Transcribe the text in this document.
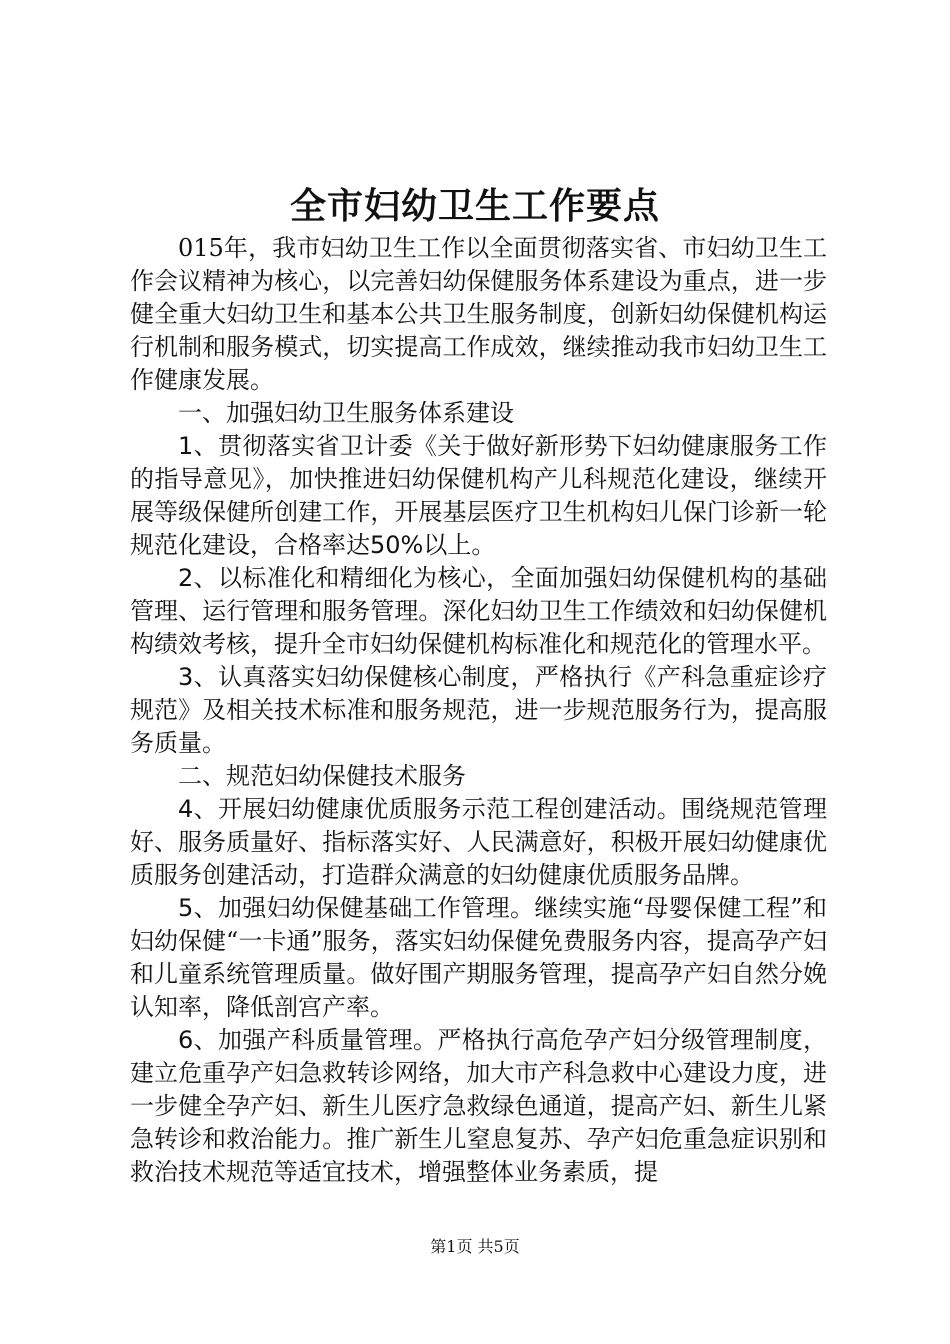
全市妇幼卫生工作要点

015年，我市妇幼卫生工作以全面贯彻落实省、市妇幼卫生工作会议精神为核心，以完善妇幼保健服务体系建设为重点，进一步健全重大妇幼卫生和基本公共卫生服务制度，创新妇幼保健机构运行机制和服务模式，切实提高工作成效，继续推动我市妇幼卫生工作健康发展。

一、加强妇幼卫生服务体系建设

1、贯彻落实省卫计委《关于做好新形势下妇幼健康服务工作的指导意见》，加快推进妇幼保健机构产儿科规范化建设，继续开展等级保健所创建工作，开展基层医疗卫生机构妇儿保门诊新一轮规范化建设，合格率达50%以上。

2、以标准化和精细化为核心，全面加强妇幼保健机构的基础管理、运行管理和服务管理。深化妇幼卫生工作绩效和妇幼保健机构绩效考核，提升全市妇幼保健机构标准化和规范化的管理水平。

3、认真落实妇幼保健核心制度，严格执行《产科急重症诊疗规范》及相关技术标准和服务规范，进一步规范服务行为，提高服务质量。

二、规范妇幼保健技术服务

4、开展妇幼健康优质服务示范工程创建活动。围绕规范管理好、服务质量好、指标落实好、人民满意好，积极开展妇幼健康优质服务创建活动，打造群众满意的妇幼健康优质服务品牌。

5、加强妇幼保健基础工作管理。继续实施“母婴保健工程”和妇幼保健“一卡通”服务，落实妇幼保健免费服务内容，提高孕产妇和儿童系统管理质量。做好围产期服务管理，提高孕产妇自然分娩认知率，降低剖宫产率。

6、加强产科质量管理。严格执行高危孕产妇分级管理制度，建立危重孕产妇急救转诊网络，加大市产科急救中心建设力度，进一步健全孕产妇、新生儿医疗急救绿色通道，提高产妇、新生儿紧急转诊和救治能力。推广新生儿窒息复苏、孕产妇危重急症识别和救治技术规范等适宜技术，增强整体业务素质，提

第1页 共5页
